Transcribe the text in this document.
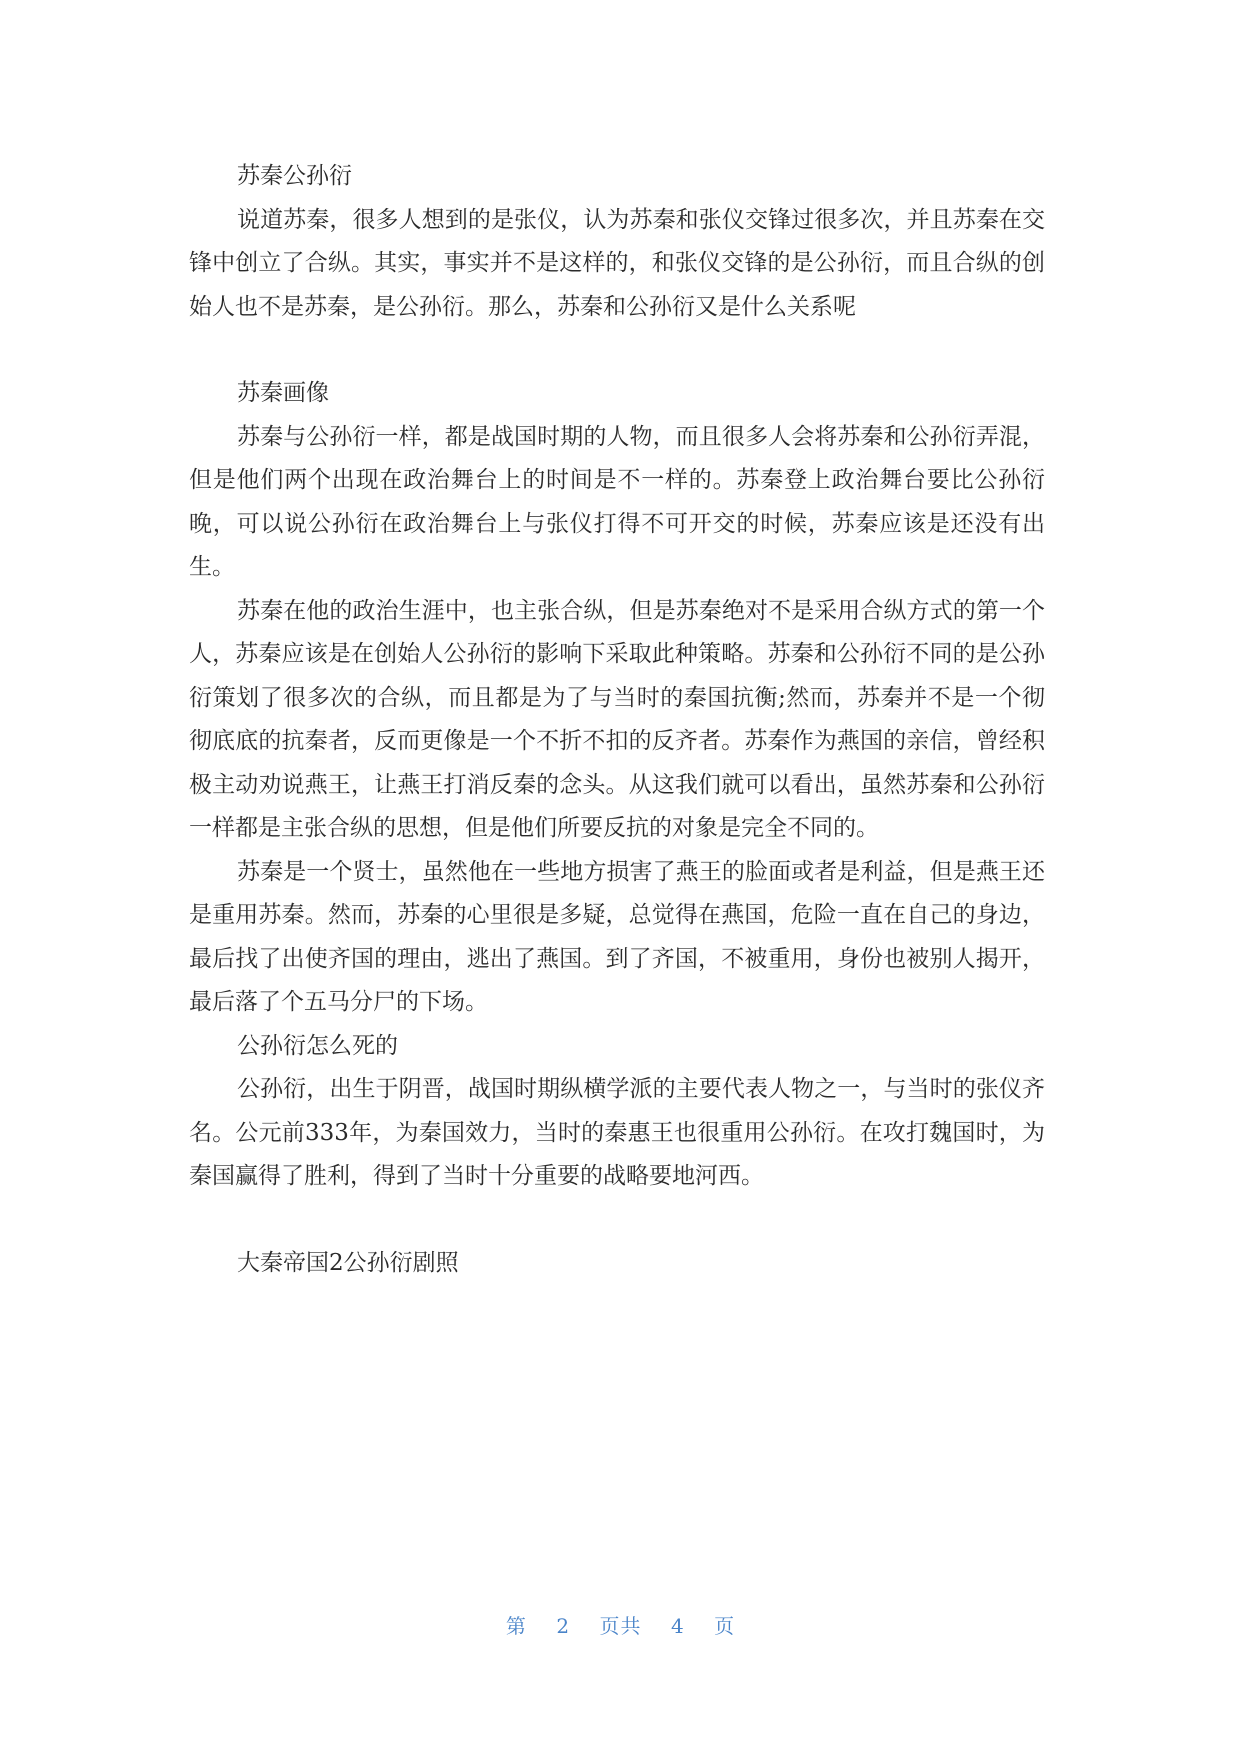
苏秦公孙衍

说道苏秦，很多人想到的是张仪，认为苏秦和张仪交锋过很多次，并且苏秦在交锋中创立了合纵。其实，事实并不是这样的，和张仪交锋的是公孙衍，而且合纵的创始人也不是苏秦，是公孙衍。那么，苏秦和公孙衍又是什么关系呢

苏秦画像

苏秦与公孙衍一样，都是战国时期的人物，而且很多人会将苏秦和公孙衍弄混，但是他们两个出现在政治舞台上的时间是不一样的。苏秦登上政治舞台要比公孙衍晚，可以说公孙衍在政治舞台上与张仪打得不可开交的时候，苏秦应该是还没有出生。

苏秦在他的政治生涯中，也主张合纵，但是苏秦绝对不是采用合纵方式的第一个人，苏秦应该是在创始人公孙衍的影响下采取此种策略。苏秦和公孙衍不同的是公孙衍策划了很多次的合纵，而且都是为了与当时的秦国抗衡;然而，苏秦并不是一个彻彻底底的抗秦者，反而更像是一个不折不扣的反齐者。苏秦作为燕国的亲信，曾经积极主动劝说燕王，让燕王打消反秦的念头。从这我们就可以看出，虽然苏秦和公孙衍一样都是主张合纵的思想，但是他们所要反抗的对象是完全不同的。

苏秦是一个贤士，虽然他在一些地方损害了燕王的脸面或者是利益，但是燕王还是重用苏秦。然而，苏秦的心里很是多疑，总觉得在燕国，危险一直在自己的身边，最后找了出使齐国的理由，逃出了燕国。到了齐国，不被重用，身份也被别人揭开，最后落了个五马分尸的下场。

公孙衍怎么死的

公孙衍，出生于阴晋，战国时期纵横学派的主要代表人物之一，与当时的张仪齐名。公元前333年，为秦国效力，当时的秦惠王也很重用公孙衍。在攻打魏国时，为秦国赢得了胜利，得到了当时十分重要的战略要地河西。

大秦帝国2公孙衍剧照

第 2 页共 4 页
